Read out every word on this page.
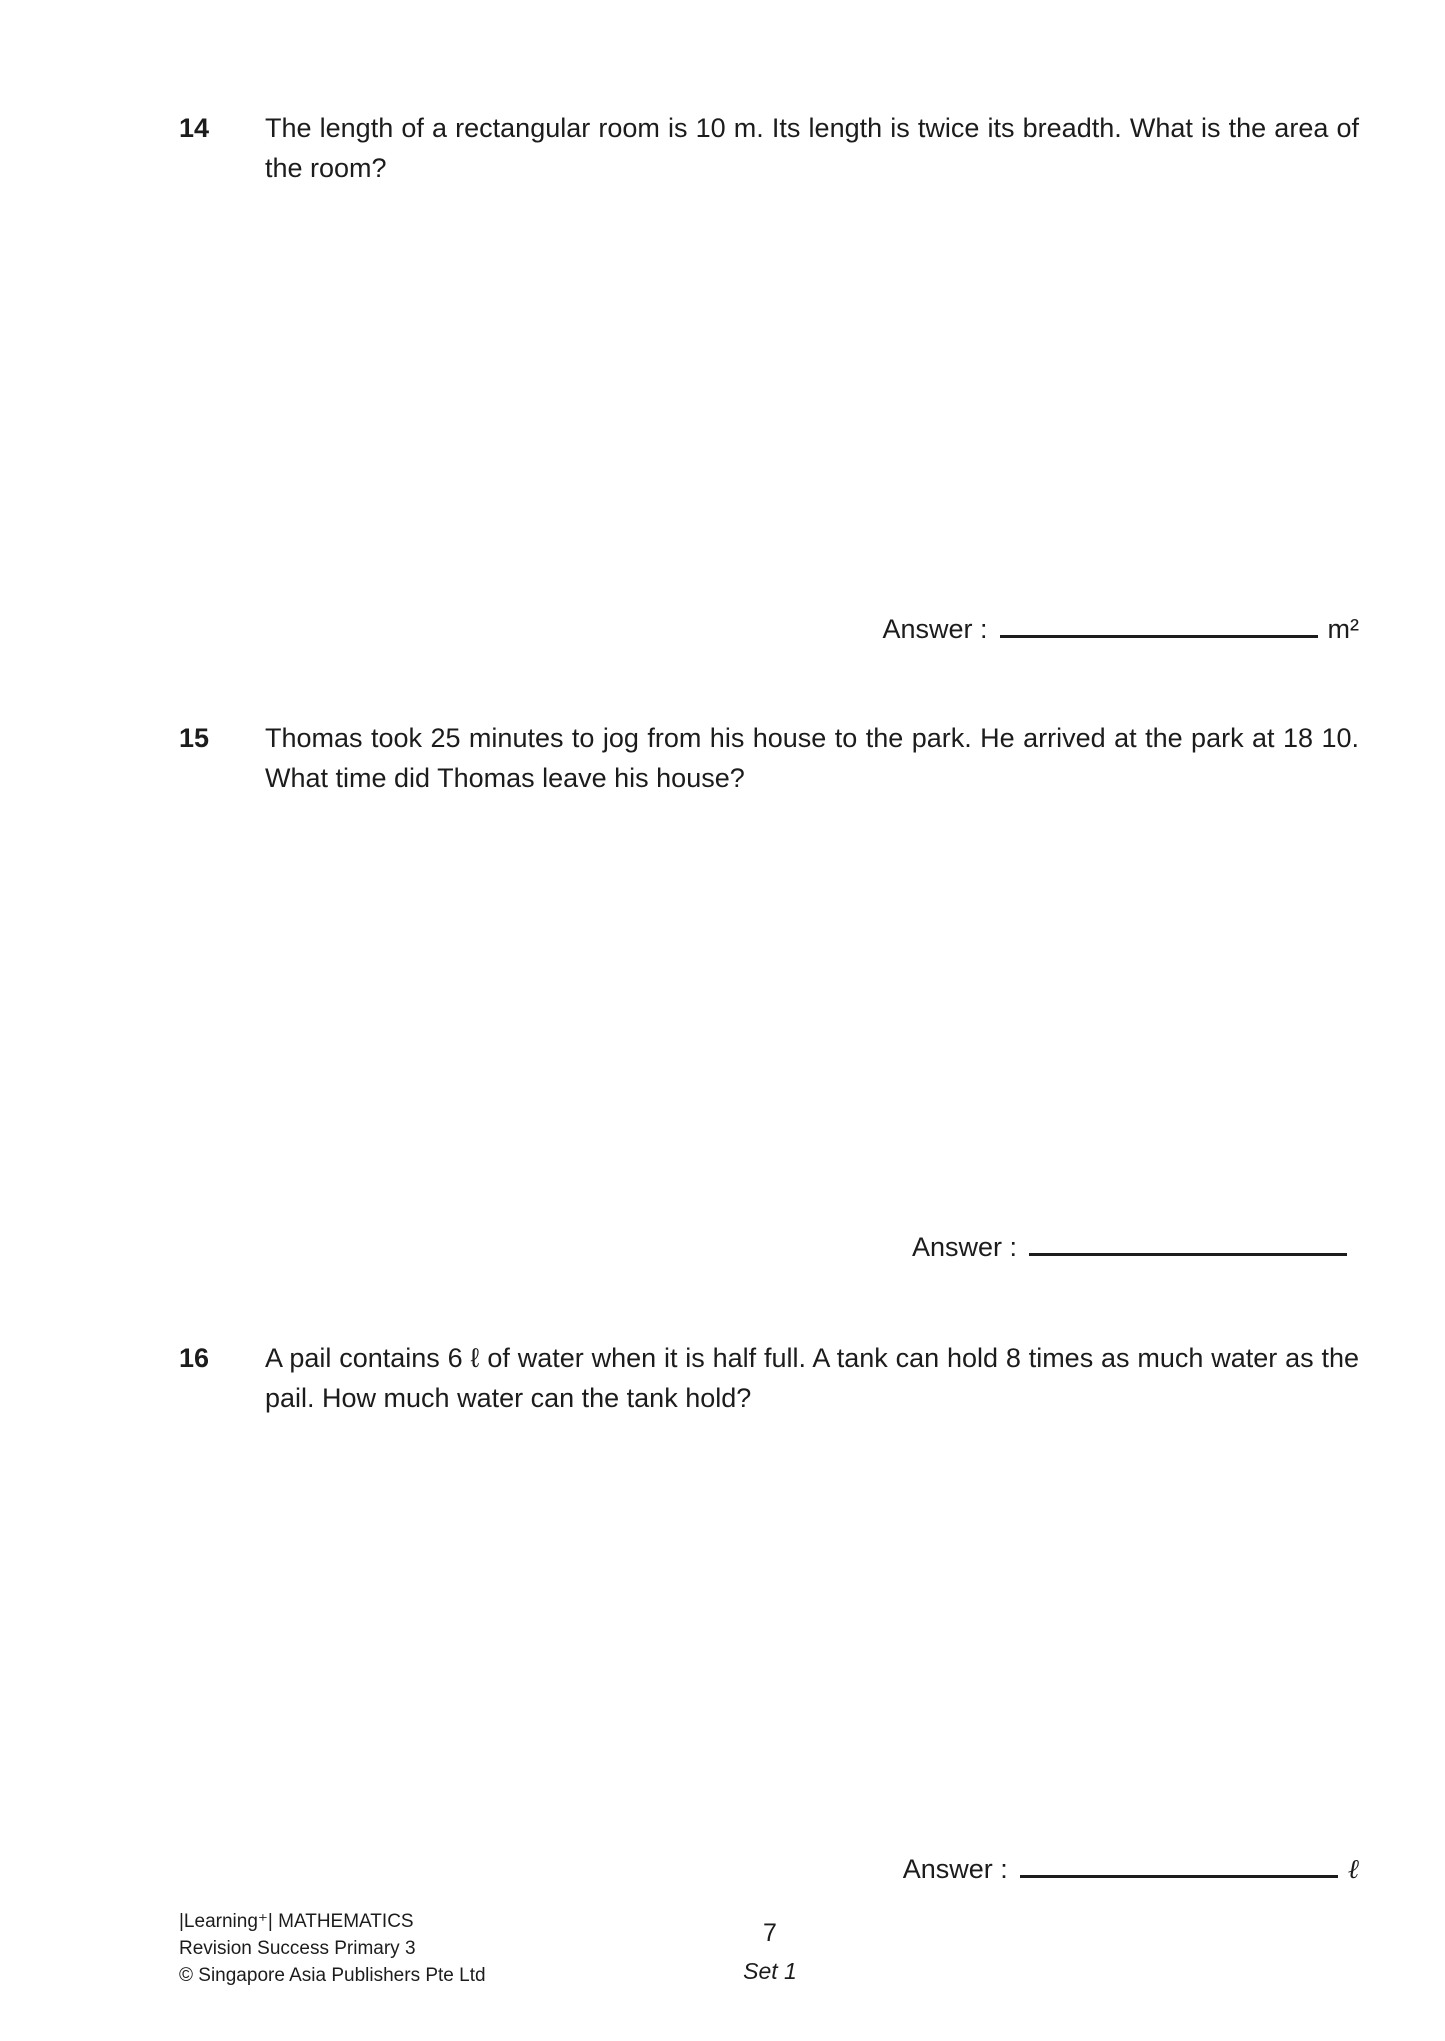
14	The length of a rectangular room is 10 m. Its length is twice its breadth. What is the area of the room?
Answer :	m²
15	Thomas took 25 minutes to jog from his house to the park. He arrived at the park at 18 10. What time did Thomas leave his house?
Answer :
16	A pail contains 6 ℓ of water when it is half full. A tank can hold 8 times as much water as the pail. How much water can the tank hold?
Answer :	ℓ
|Learning⁺| MATHEMATICS
Revision Success Primary 3
© Singapore Asia Publishers Pte Ltd
7
Set 1
